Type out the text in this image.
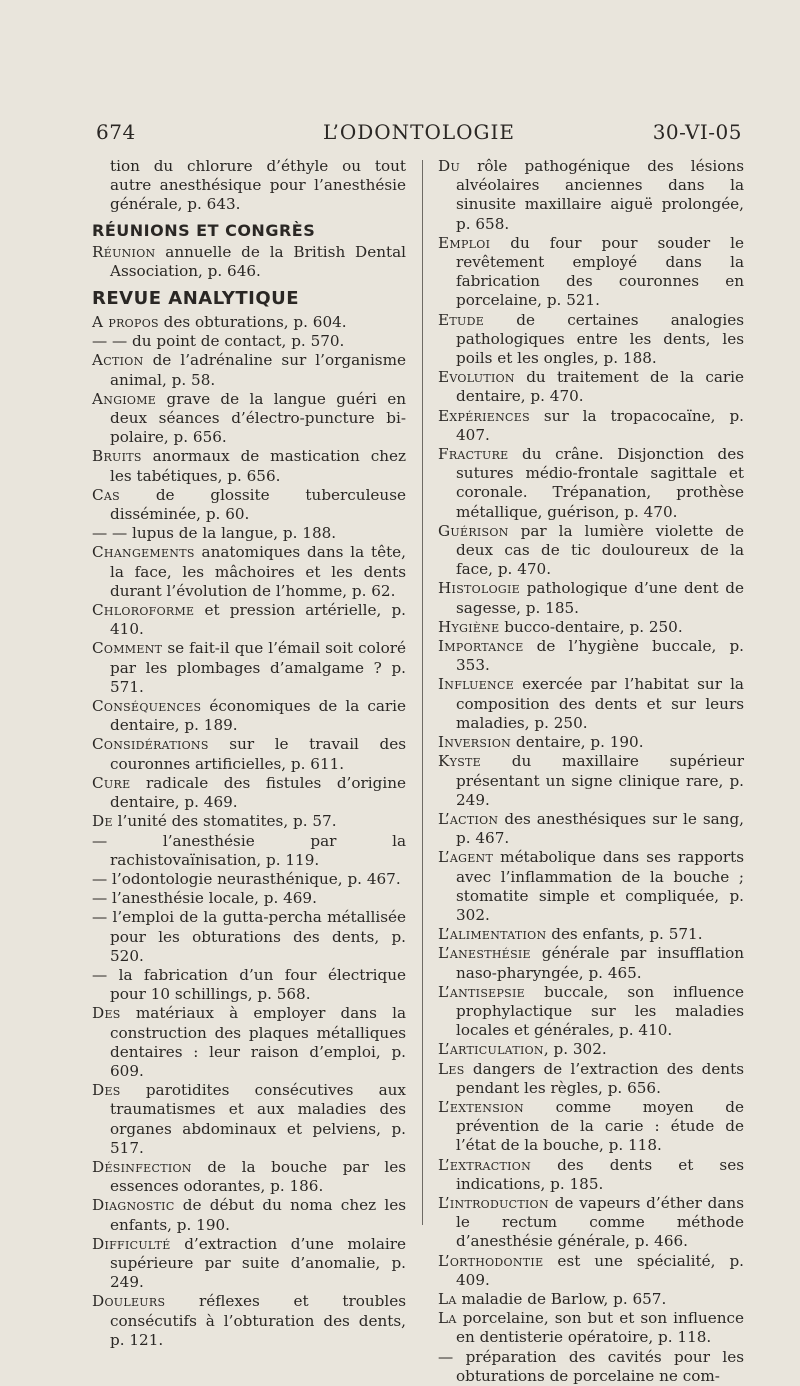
674	L’ODONTOLOGIE	30-VI-05
tion du chlorure d’éthyle ou tout autre anesthésique pour l’anesthésie générale, p. 643.
RÉUNIONS ET CONGRÈS
Réunion annuelle de la British Dental Association, p. 646.
REVUE ANALYTIQUE
A propos des obturations, p. 604.
— — du point de contact, p. 570.
Action de l’adrénaline sur l’organisme animal, p. 58.
Angiome grave de la langue guéri en deux séances d’électro-puncture bi-polaire, p. 656.
Bruits anormaux de mastication chez les tabétiques, p. 656.
Cas de glossite tuberculeuse disséminée, p. 60.
— — lupus de la langue, p. 188.
Changements anatomiques dans la tête, la face, les mâchoires et les dents durant l’évolution de l’homme, p. 62.
Chloroforme et pression artérielle, p. 410.
Comment se fait-il que l’émail soit coloré par les plombages d’amalgame ? p. 571.
Conséquences économiques de la carie dentaire, p. 189.
Considérations sur le travail des couronnes artificielles, p. 611.
Cure radicale des fistules d’origine dentaire, p. 469.
De l’unité des stomatites, p. 57.
— l’anesthésie par la rachistovaïnisation, p. 119.
— l’odontologie neurasthénique, p. 467.
— l’anesthésie locale, p. 469.
— l’emploi de la gutta-percha métallisée pour les obturations des dents, p. 520.
— la fabrication d’un four électrique pour 10 schillings, p. 568.
Des matériaux à employer dans la construction des plaques métalliques dentaires : leur raison d’emploi, p. 609.
Des parotidites consécutives aux traumatismes et aux maladies des organes abdominaux et pelviens, p. 517.
Désinfection de la bouche par les essences odorantes, p. 186.
Diagnostic de début du noma chez les enfants, p. 190.
Difficulté d’extraction d’une molaire supérieure par suite d’anomalie, p. 249.
Douleurs réflexes et troubles consécutifs à l’obturation des dents, p. 121.
Du rôle pathogénique des lésions alvéolaires anciennes dans la sinusite maxillaire aiguë prolongée, p. 658.
Emploi du four pour souder le revêtement employé dans la fabrication des couronnes en porcelaine, p. 521.
Etude de certaines analogies pathologiques entre les dents, les poils et les ongles, p. 188.
Evolution du traitement de la carie dentaire, p. 470.
Expériences sur la tropacocaïne, p. 407.
Fracture du crâne. Disjonction des sutures médio-frontale sagittale et coronale. Trépanation, prothèse métallique, guérison, p. 470.
Guérison par la lumière violette de deux cas de tic douloureux de la face, p. 470.
Histologie pathologique d’une dent de sagesse, p. 185.
Hygiène bucco-dentaire, p. 250.
Importance de l’hygiène buccale, p. 353.
Influence exercée par l’habitat sur la composition des dents et sur leurs maladies, p. 250.
Inversion dentaire, p. 190.
Kyste du maxillaire supérieur présentant un signe clinique rare, p. 249.
L’action des anesthésiques sur le sang, p. 467.
L’agent métabolique dans ses rapports avec l’inflammation de la bouche ; stomatite simple et compliquée, p. 302.
L’alimentation des enfants, p. 571.
L’anesthésie générale par insufflation naso-pharyngée, p. 465.
L’antisepsie buccale, son influence prophylactique sur les maladies locales et générales, p. 410.
L’articulation, p. 302.
Les dangers de l’extraction des dents pendant les règles, p. 656.
L’extension comme moyen de prévention de la carie : étude de l’état de la bouche, p. 118.
L’extraction des dents et ses indications, p. 185.
L’introduction de vapeurs d’éther dans le rectum comme méthode d’anesthésie générale, p. 466.
L’orthodontie est une spécialité, p. 409.
La maladie de Barlow, p. 657.
La porcelaine, son but et son influence en dentisterie opératoire, p. 118.
— préparation des cavités pour les obturations de porcelaine ne com-
